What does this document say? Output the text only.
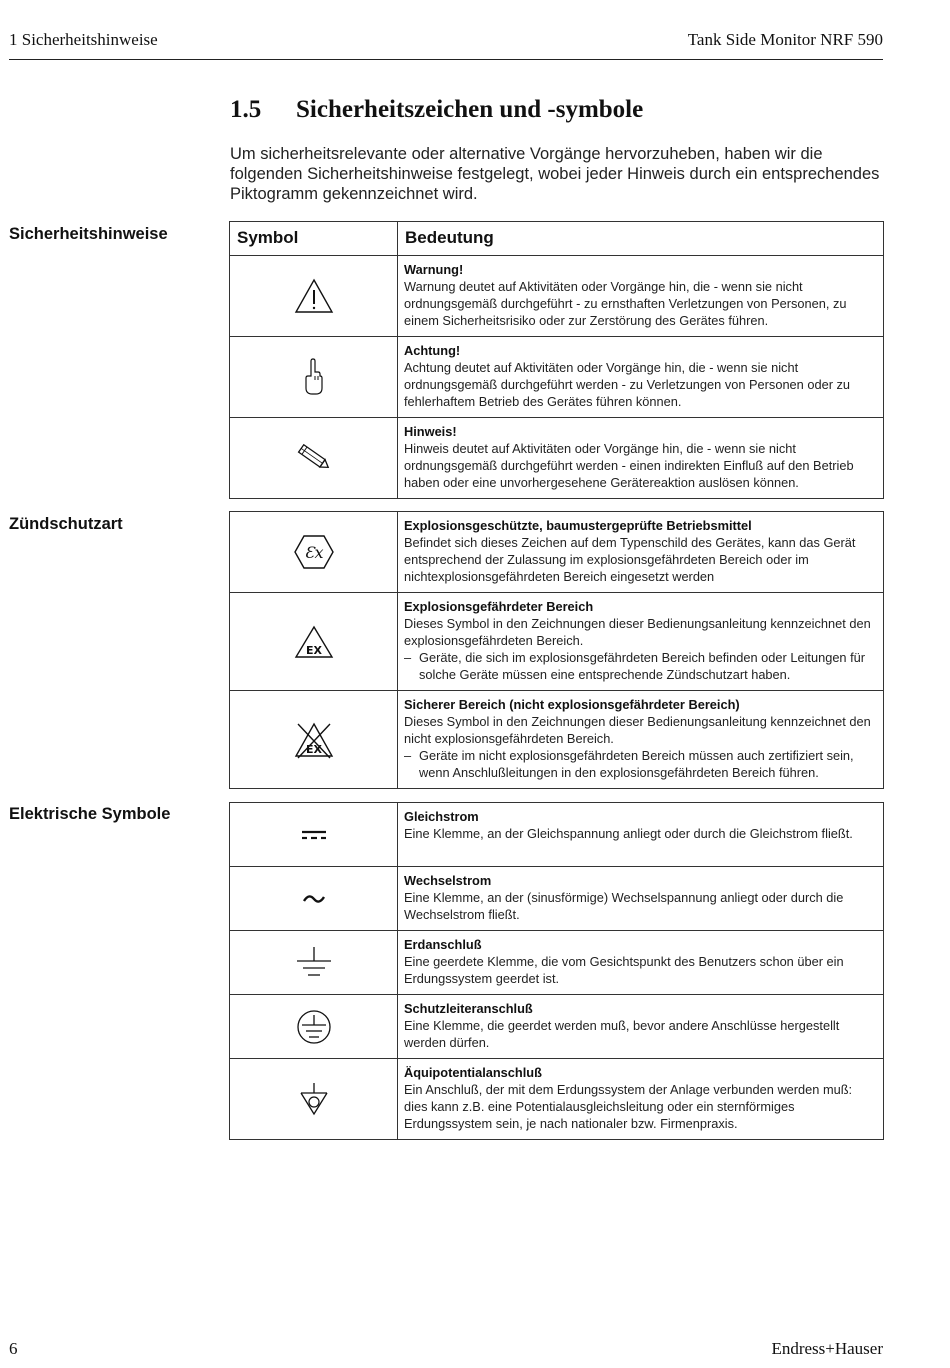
1 Sicherheitshinweise	Tank Side Monitor NRF 590
1.5 Sicherheitszeichen und -symbole
Um sicherheitsrelevante oder alternative Vorgänge hervorzuheben, haben wir die folgenden Sicherheitshinweise festgelegt, wobei jeder Hinweis durch ein entsprechendes Piktogramm gekennzeichnet wird.
Sicherheitshinweise
Zündschutzart
Elektrische Symbole
Symbol	Bedeutung

Warnung!
Warnung deutet auf Aktivitäten oder Vorgänge hin, die - wenn sie nicht ordnungsgemäß durchgeführt - zu ernsthaften Verletzungen von Personen, zu einem Sicherheitsrisiko oder zur Zerstörung des Gerätes führen.

Achtung!
Achtung deutet auf Aktivitäten oder Vorgänge hin, die - wenn sie nicht ordnungsgemäß durchgeführt werden - zu Verletzungen von Personen oder zu fehlerhaftem Betrieb des Gerätes führen können.

Hinweis!
Hinweis deutet auf Aktivitäten oder Vorgänge hin, die - wenn sie nicht ordnungsgemäß durchgeführt werden - einen indirekten Einfluß auf den Betrieb haben oder eine unvorhergesehene Gerätereaktion auslösen können.
Ɛx	Explosionsgeschützte, baumustergeprüfte Betriebsmittel
Befindet sich dieses Zeichen auf dem Typenschild des Gerätes, kann das Gerät entsprechend der Zulassung im explosionsgefährdeten Bereich oder im nichtexplosionsgefährdeten Bereich eingesetzt werden

EX	Explosionsgefährdeter Bereich
Dieses Symbol in den Zeichnungen dieser Bedienungsanleitung kennzeichnet den explosionsgefährdeten Bereich.
– Geräte, die sich im explosionsgefährdeten Bereich befinden oder Leitungen für solche Geräte müssen eine entsprechende Zündschutzart haben.

EX	Sicherer Bereich (nicht explosionsgefährdeter Bereich)
Dieses Symbol in den Zeichnungen dieser Bedienungsanleitung kennzeichnet den nicht explosionsgefährdeten Bereich.
– Geräte im nicht explosionsgefährdeten Bereich müssen auch zertifiziert sein, wenn Anschlußleitungen in den explosionsgefährdeten Bereich führen.

Gleichstrom
Eine Klemme, an der Gleichspannung anliegt oder durch die Gleichstrom fließt.

Wechselstrom
Eine Klemme, an der (sinusförmige) Wechselspannung anliegt oder durch die Wechselstrom fließt.

Erdanschluß
Eine geerdete Klemme, die vom Gesichtspunkt des Benutzers schon über ein Erdungssystem geerdet ist.

Schutzleiteranschluß
Eine Klemme, die geerdet werden muß, bevor andere Anschlüsse hergestellt werden dürfen.

Äquipotentialanschluß
Ein Anschluß, der mit dem Erdungssystem der Anlage verbunden werden muß: dies kann z.B. eine Potentialausgleichsleitung oder ein sternförmiges Erdungssystem sein, je nach nationaler bzw. Firmenpraxis.
6	Endress+Hauser
